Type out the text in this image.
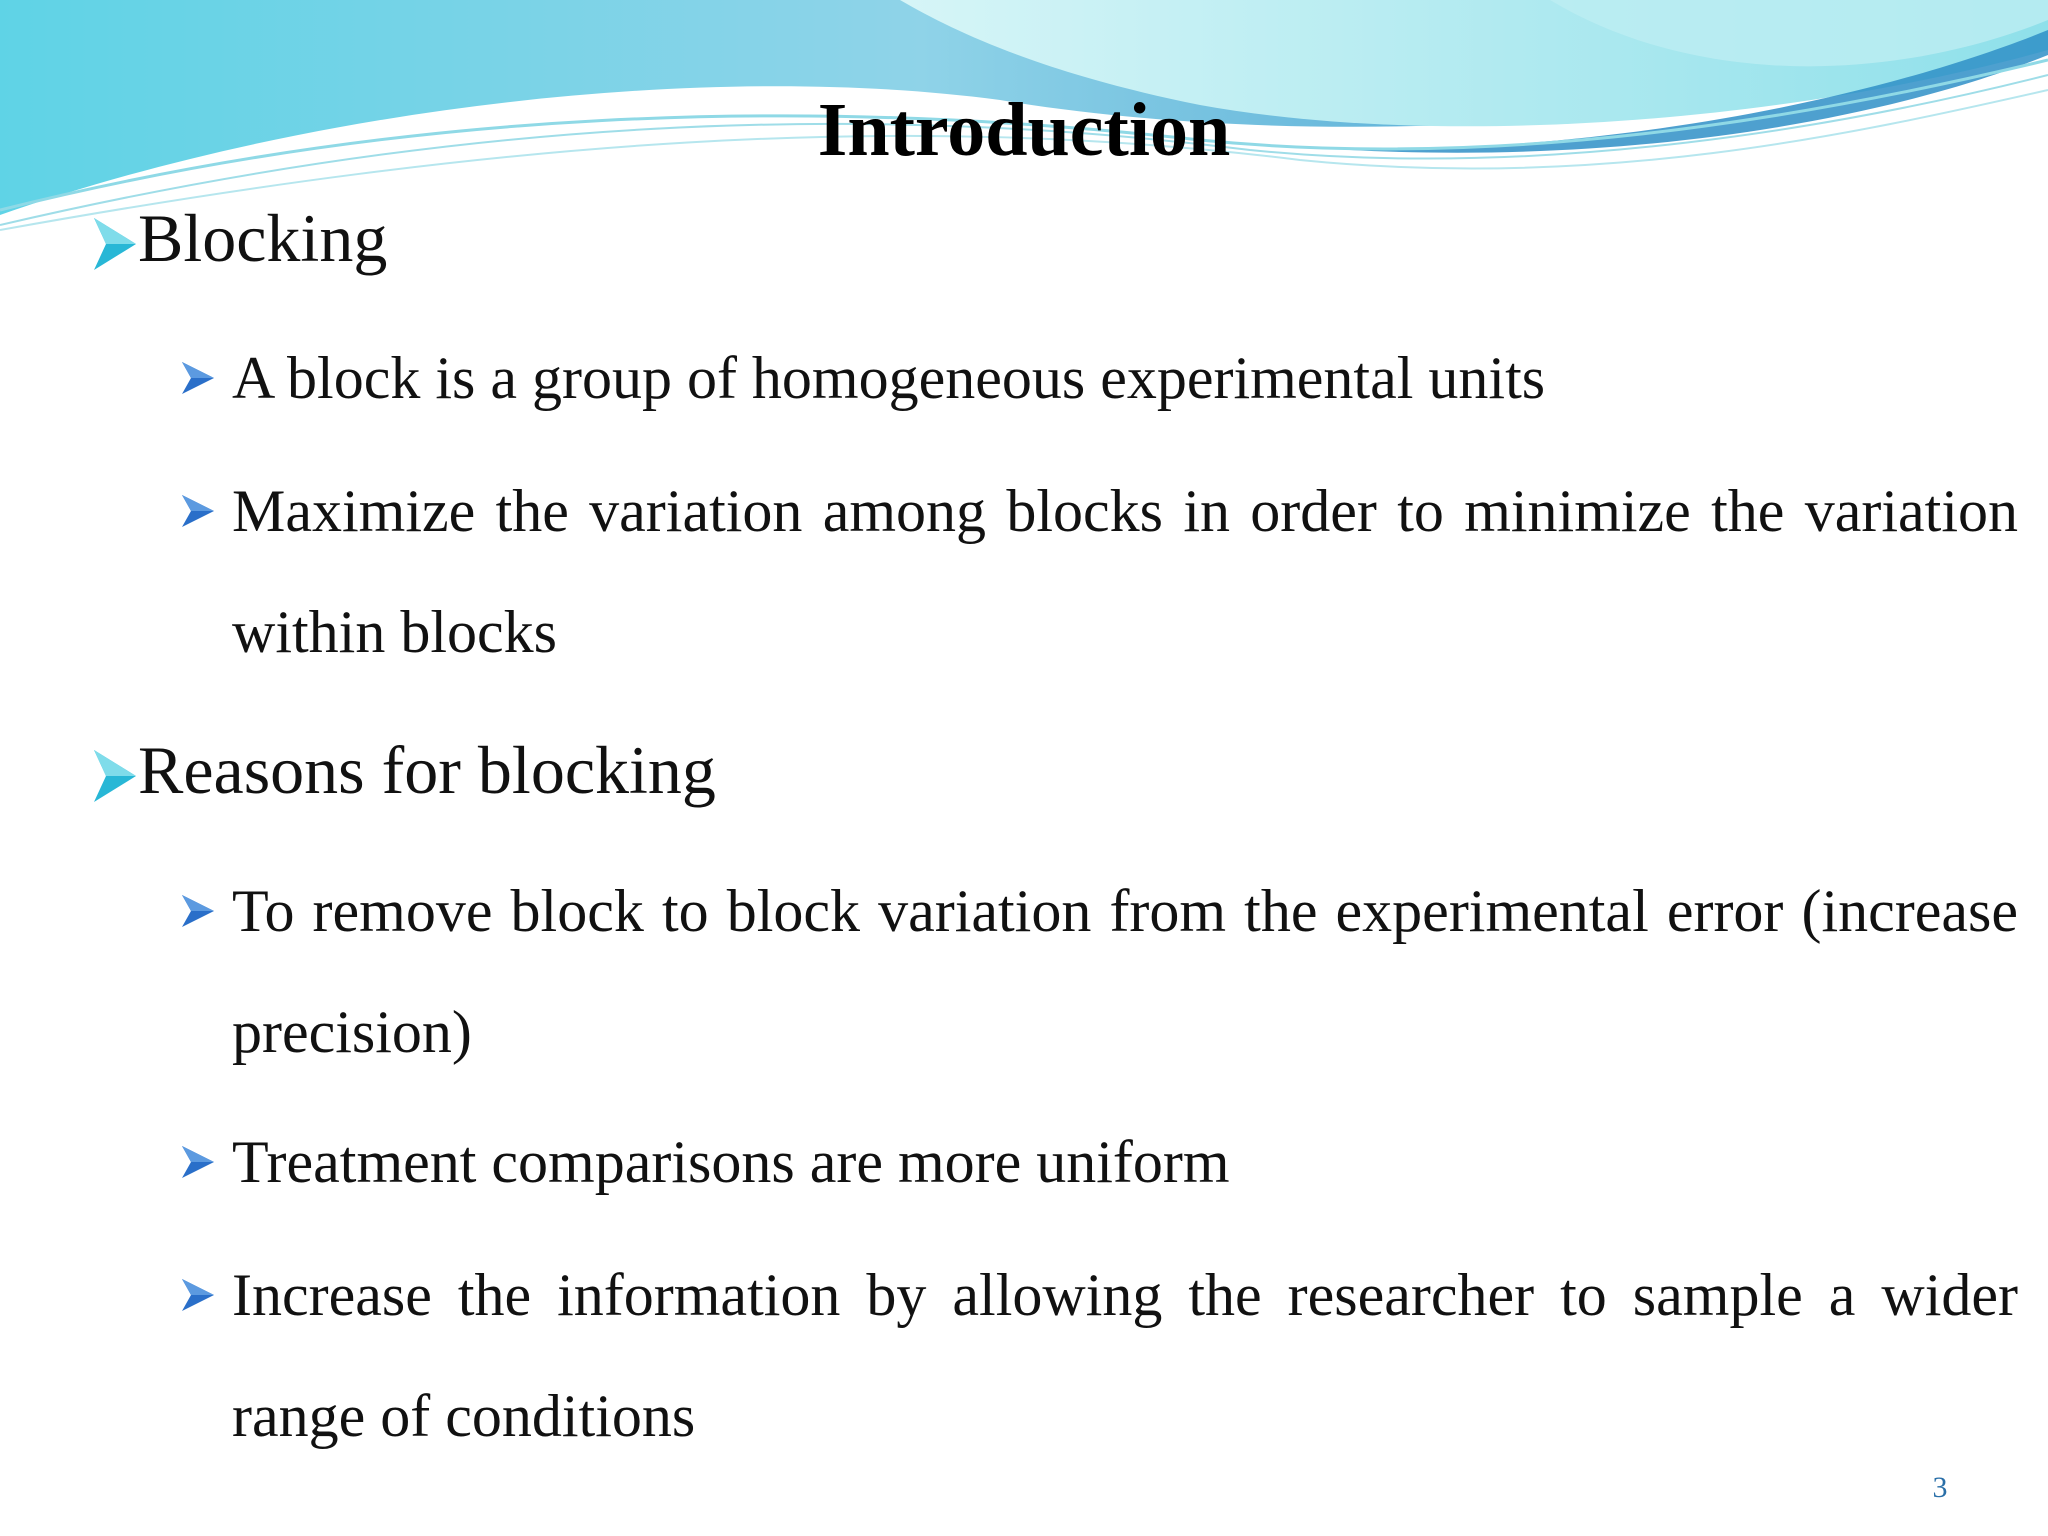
Introduction
Blocking
A block is a group of homogeneous experimental units
Maximize the variation among blocks in order to minimize the variation within blocks
Reasons for blocking
To remove block to block variation from the experimental error (increase precision)
Treatment comparisons are more uniform
Increase the information by allowing the researcher to sample a wider range of conditions
3
